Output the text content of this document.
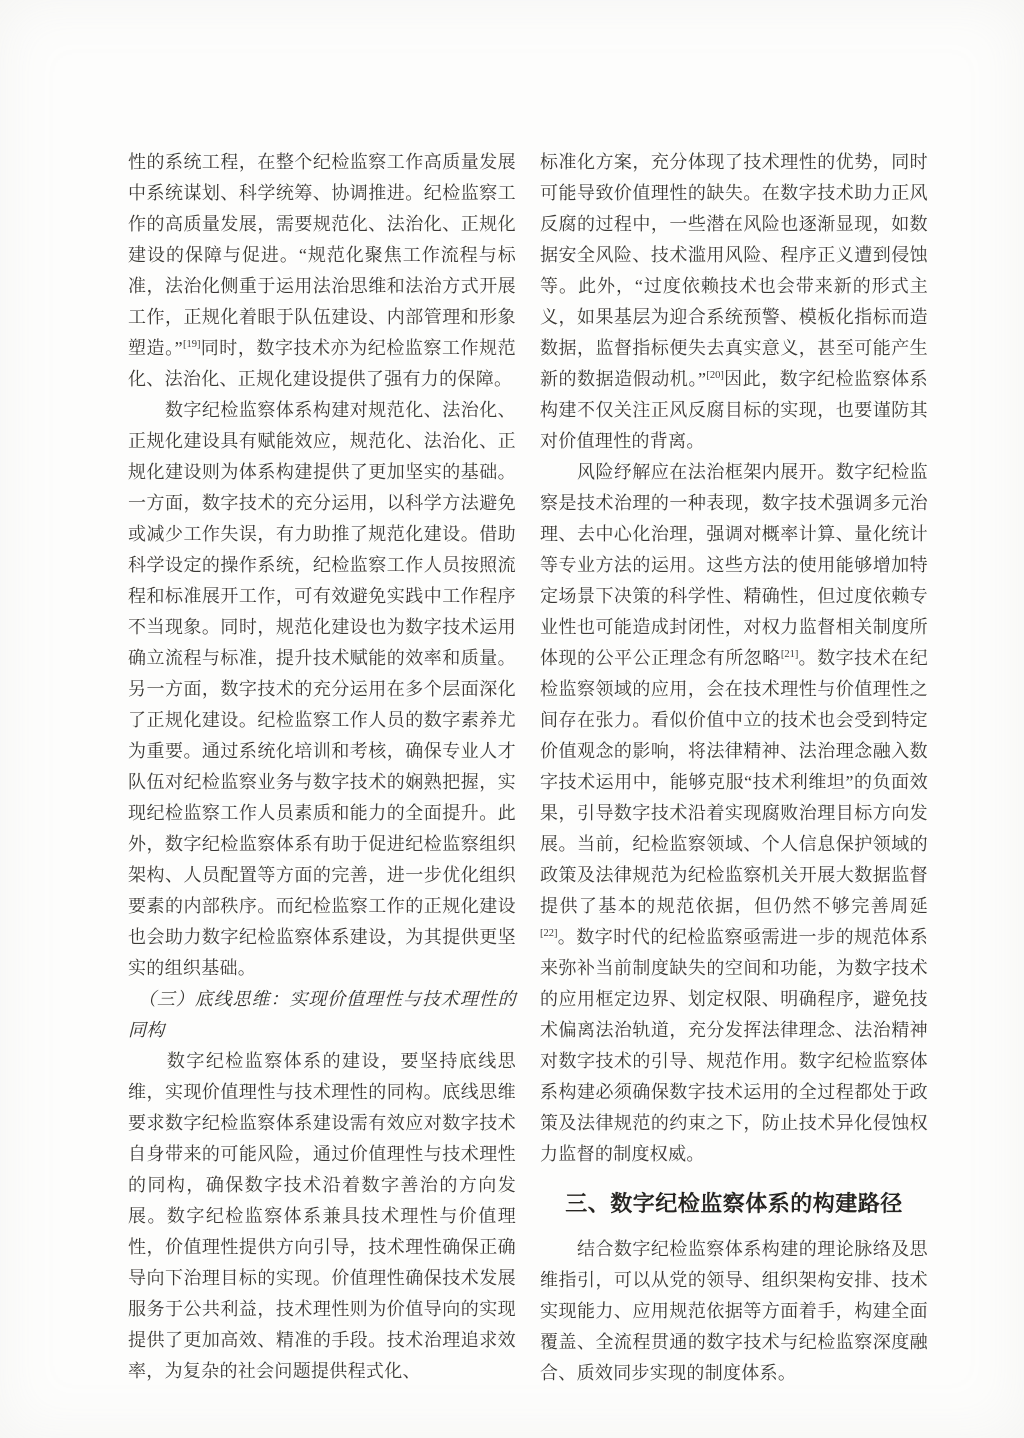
性的系统工程，在整个纪检监察工作高质量发展中系统谋划、科学统筹、协调推进。纪检监察工作的高质量发展，需要规范化、法治化、正规化建设的保障与促进。“规范化聚焦工作流程与标准，法治化侧重于运用法治思维和法治方式开展工作，正规化着眼于队伍建设、内部管理和形象塑造。”[19]同时，数字技术亦为纪检监察工作规范化、法治化、正规化建设提供了强有力的保障。

　　数字纪检监察体系构建对规范化、法治化、正规化建设具有赋能效应，规范化、法治化、正规化建设则为体系构建提供了更加坚实的基础。一方面，数字技术的充分运用，以科学方法避免或减少工作失误，有力助推了规范化建设。借助科学设定的操作系统，纪检监察工作人员按照流程和标准展开工作，可有效避免实践中工作程序不当现象。同时，规范化建设也为数字技术运用确立流程与标准，提升技术赋能的效率和质量。另一方面，数字技术的充分运用在多个层面深化了正规化建设。纪检监察工作人员的数字素养尤为重要。通过系统化培训和考核，确保专业人才队伍对纪检监察业务与数字技术的娴熟把握，实现纪检监察工作人员素质和能力的全面提升。此外，数字纪检监察体系有助于促进纪检监察组织架构、人员配置等方面的完善，进一步优化组织要素的内部秩序。而纪检监察工作的正规化建设也会助力数字纪检监察体系建设，为其提供更坚实的组织基础。

　（三）底线思维：实现价值理性与技术理性的同构

　　数字纪检监察体系的建设，要坚持底线思维，实现价值理性与技术理性的同构。底线思维要求数字纪检监察体系建设需有效应对数字技术自身带来的可能风险，通过价值理性与技术理性的同构，确保数字技术沿着数字善治的方向发展。数字纪检监察体系兼具技术理性与价值理性，价值理性提供方向引导，技术理性确保正确导向下治理目标的实现。价值理性确保技术发展服务于公共利益，技术理性则为价值导向的实现提供了更加高效、精准的手段。技术治理追求效率，为复杂的社会问题提供程式化、

标准化方案，充分体现了技术理性的优势，同时可能导致价值理性的缺失。在数字技术助力正风反腐的过程中，一些潜在风险也逐渐显现，如数据安全风险、技术滥用风险、程序正义遭到侵蚀等。此外，“过度依赖技术也会带来新的形式主义，如果基层为迎合系统预警、模板化指标而造数据，监督指标便失去真实意义，甚至可能产生新的数据造假动机。”[20]因此，数字纪检监察体系构建不仅关注正风反腐目标的实现，也要谨防其对价值理性的背离。

　　风险纾解应在法治框架内展开。数字纪检监察是技术治理的一种表现，数字技术强调多元治理、去中心化治理，强调对概率计算、量化统计等专业方法的运用。这些方法的使用能够增加特定场景下决策的科学性、精确性，但过度依赖专业性也可能造成封闭性，对权力监督相关制度所体现的公平公正理念有所忽略[21]。数字技术在纪检监察领域的应用，会在技术理性与价值理性之间存在张力。看似价值中立的技术也会受到特定价值观念的影响，将法律精神、法治理念融入数字技术运用中，能够克服“技术利维坦”的负面效果，引导数字技术沿着实现腐败治理目标方向发展。当前，纪检监察领域、个人信息保护领域的政策及法律规范为纪检监察机关开展大数据监督提供了基本的规范依据，但仍然不够完善周延[22]。数字时代的纪检监察亟需进一步的规范体系来弥补当前制度缺失的空间和功能，为数字技术的应用框定边界、划定权限、明确程序，避免技术偏离法治轨道，充分发挥法律理念、法治精神对数字技术的引导、规范作用。数字纪检监察体系构建必须确保数字技术运用的全过程都处于政策及法律规范的约束之下，防止技术异化侵蚀权力监督的制度权威。

三、数字纪检监察体系的构建路径

　　结合数字纪检监察体系构建的理论脉络及思维指引，可以从党的领导、组织架构安排、技术实现能力、应用规范依据等方面着手，构建全面覆盖、全流程贯通的数字技术与纪检监察深度融合、质效同步实现的制度体系。
